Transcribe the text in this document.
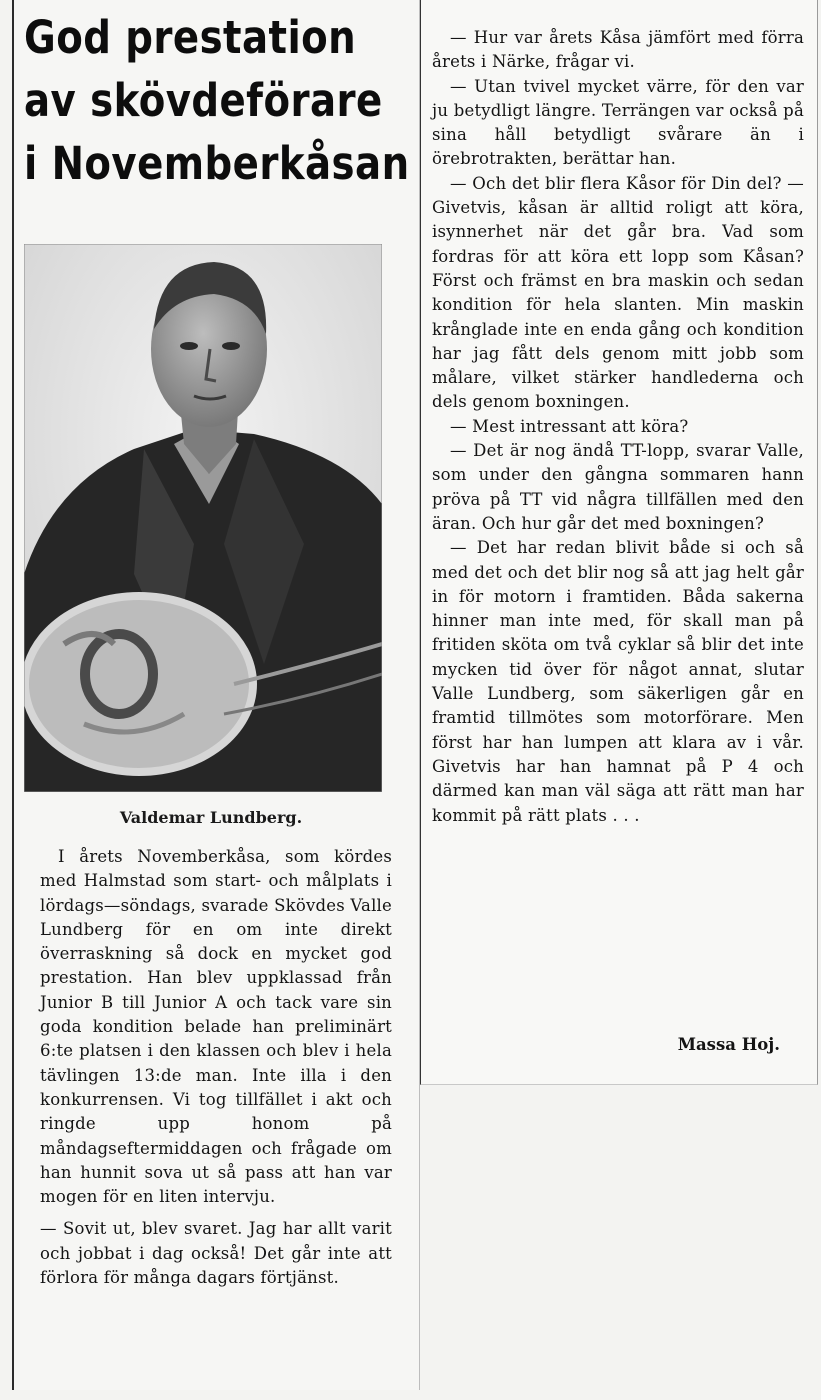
God prestation
av skövdeförare
i Novemberkåsan
Valdemar Lundberg.

I årets Novemberkåsa, som kördes med Halmstad som start- och målplats i lördags—söndags, svarade Skövdes Valle Lundberg för en om inte direkt överraskning så dock en mycket god prestation. Han blev uppklassad från Junior B till Junior A och tack vare sin goda kondition belade han preliminärt 6:te platsen i den klassen och blev i hela tävlingen 13:de man. Inte illa i den konkurrensen. Vi tog tillfället i akt och ringde upp honom på måndagseftermiddagen och frågade om han hunnit sova ut så pass att han var mogen för en liten intervju.

— Sovit ut, blev svaret. Jag har allt varit och jobbat i dag också! Det går inte att förlora för många dagars förtjänst.

— Hur var årets Kåsa jämfört med förra årets i Närke, frågar vi.

— Utan tvivel mycket värre, för den var ju betydligt längre. Terrängen var också på sina håll betydligt svårare än i örebrotrakten, berättar han.

— Och det blir flera Kåsor för Din del? — Givetvis, kåsan är alltid roligt att köra, isynnerhet när det går bra. Vad som fordras för att köra ett lopp som Kåsan? Först och främst en bra maskin och sedan kondition för hela slanten. Min maskin krånglade inte en enda gång och kondition har jag fått dels genom mitt jobb som målare, vilket stärker handlederna och dels genom boxningen.

— Mest intressant att köra?

— Det är nog ändå TT-lopp, svarar Valle, som under den gångna sommaren hann pröva på TT vid några tillfällen med den äran. Och hur går det med boxningen?

— Det har redan blivit både si och så med det och det blir nog så att jag helt går in för motorn i framtiden. Båda sakerna hinner man inte med, för skall man på fritiden sköta om två cyklar så blir det inte mycken tid över för något annat, slutar Valle Lundberg, som säkerligen går en framtid tillmötes som motorförare. Men först har han lumpen att klara av i vår. Givetvis har han hamnat på P 4 och därmed kan man väl säga att rätt man har kommit på rätt plats . . .

Massa Hoj.
